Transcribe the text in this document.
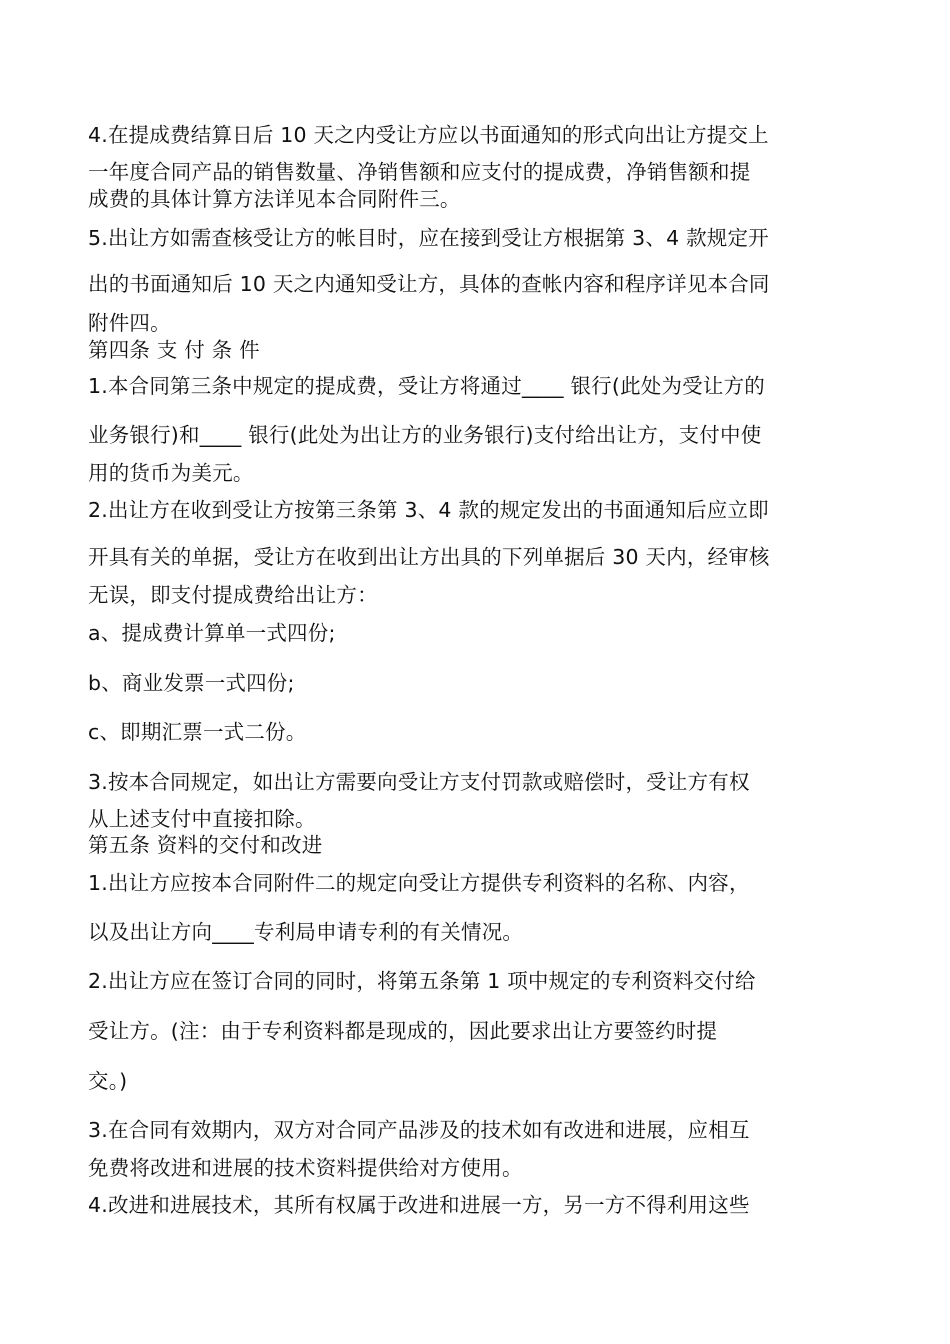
4.在提成费结算日后 10 天之内受让方应以书面通知的形式向出让方提交上
一年度合同产品的销售数量、净销售额和应支付的提成费，净销售额和提
成费的具体计算方法详见本合同附件三。
5.出让方如需查核受让方的帐目时，应在接到受让方根据第 3、4 款规定开
出的书面通知后 10 天之内通知受让方，具体的查帐内容和程序详见本合同
附件四。
第四条 支 付 条 件
1.本合同第三条中规定的提成费，受让方将通过____ 银行(此处为受让方的
业务银行)和____ 银行(此处为出让方的业务银行)支付给出让方，支付中使
用的货币为美元。
2.出让方在收到受让方按第三条第 3、4 款的规定发出的书面通知后应立即
开具有关的单据，受让方在收到出让方出具的下列单据后 30 天内，经审核
无误，即支付提成费给出让方：
a、提成费计算单一式四份;
b、商业发票一式四份;
c、即期汇票一式二份。
3.按本合同规定，如出让方需要向受让方支付罚款或赔偿时，受让方有权
从上述支付中直接扣除。
第五条 资料的交付和改进
1.出让方应按本合同附件二的规定向受让方提供专利资料的名称、内容，
以及出让方向____专利局申请专利的有关情况。
2.出让方应在签订合同的同时，将第五条第 1 项中规定的专利资料交付给
受让方。(注：由于专利资料都是现成的，因此要求出让方要签约时提
交。)
3.在合同有效期内，双方对合同产品涉及的技术如有改进和进展，应相互
免费将改进和进展的技术资料提供给对方使用。
4.改进和进展技术，其所有权属于改进和进展一方，另一方不得利用这些
